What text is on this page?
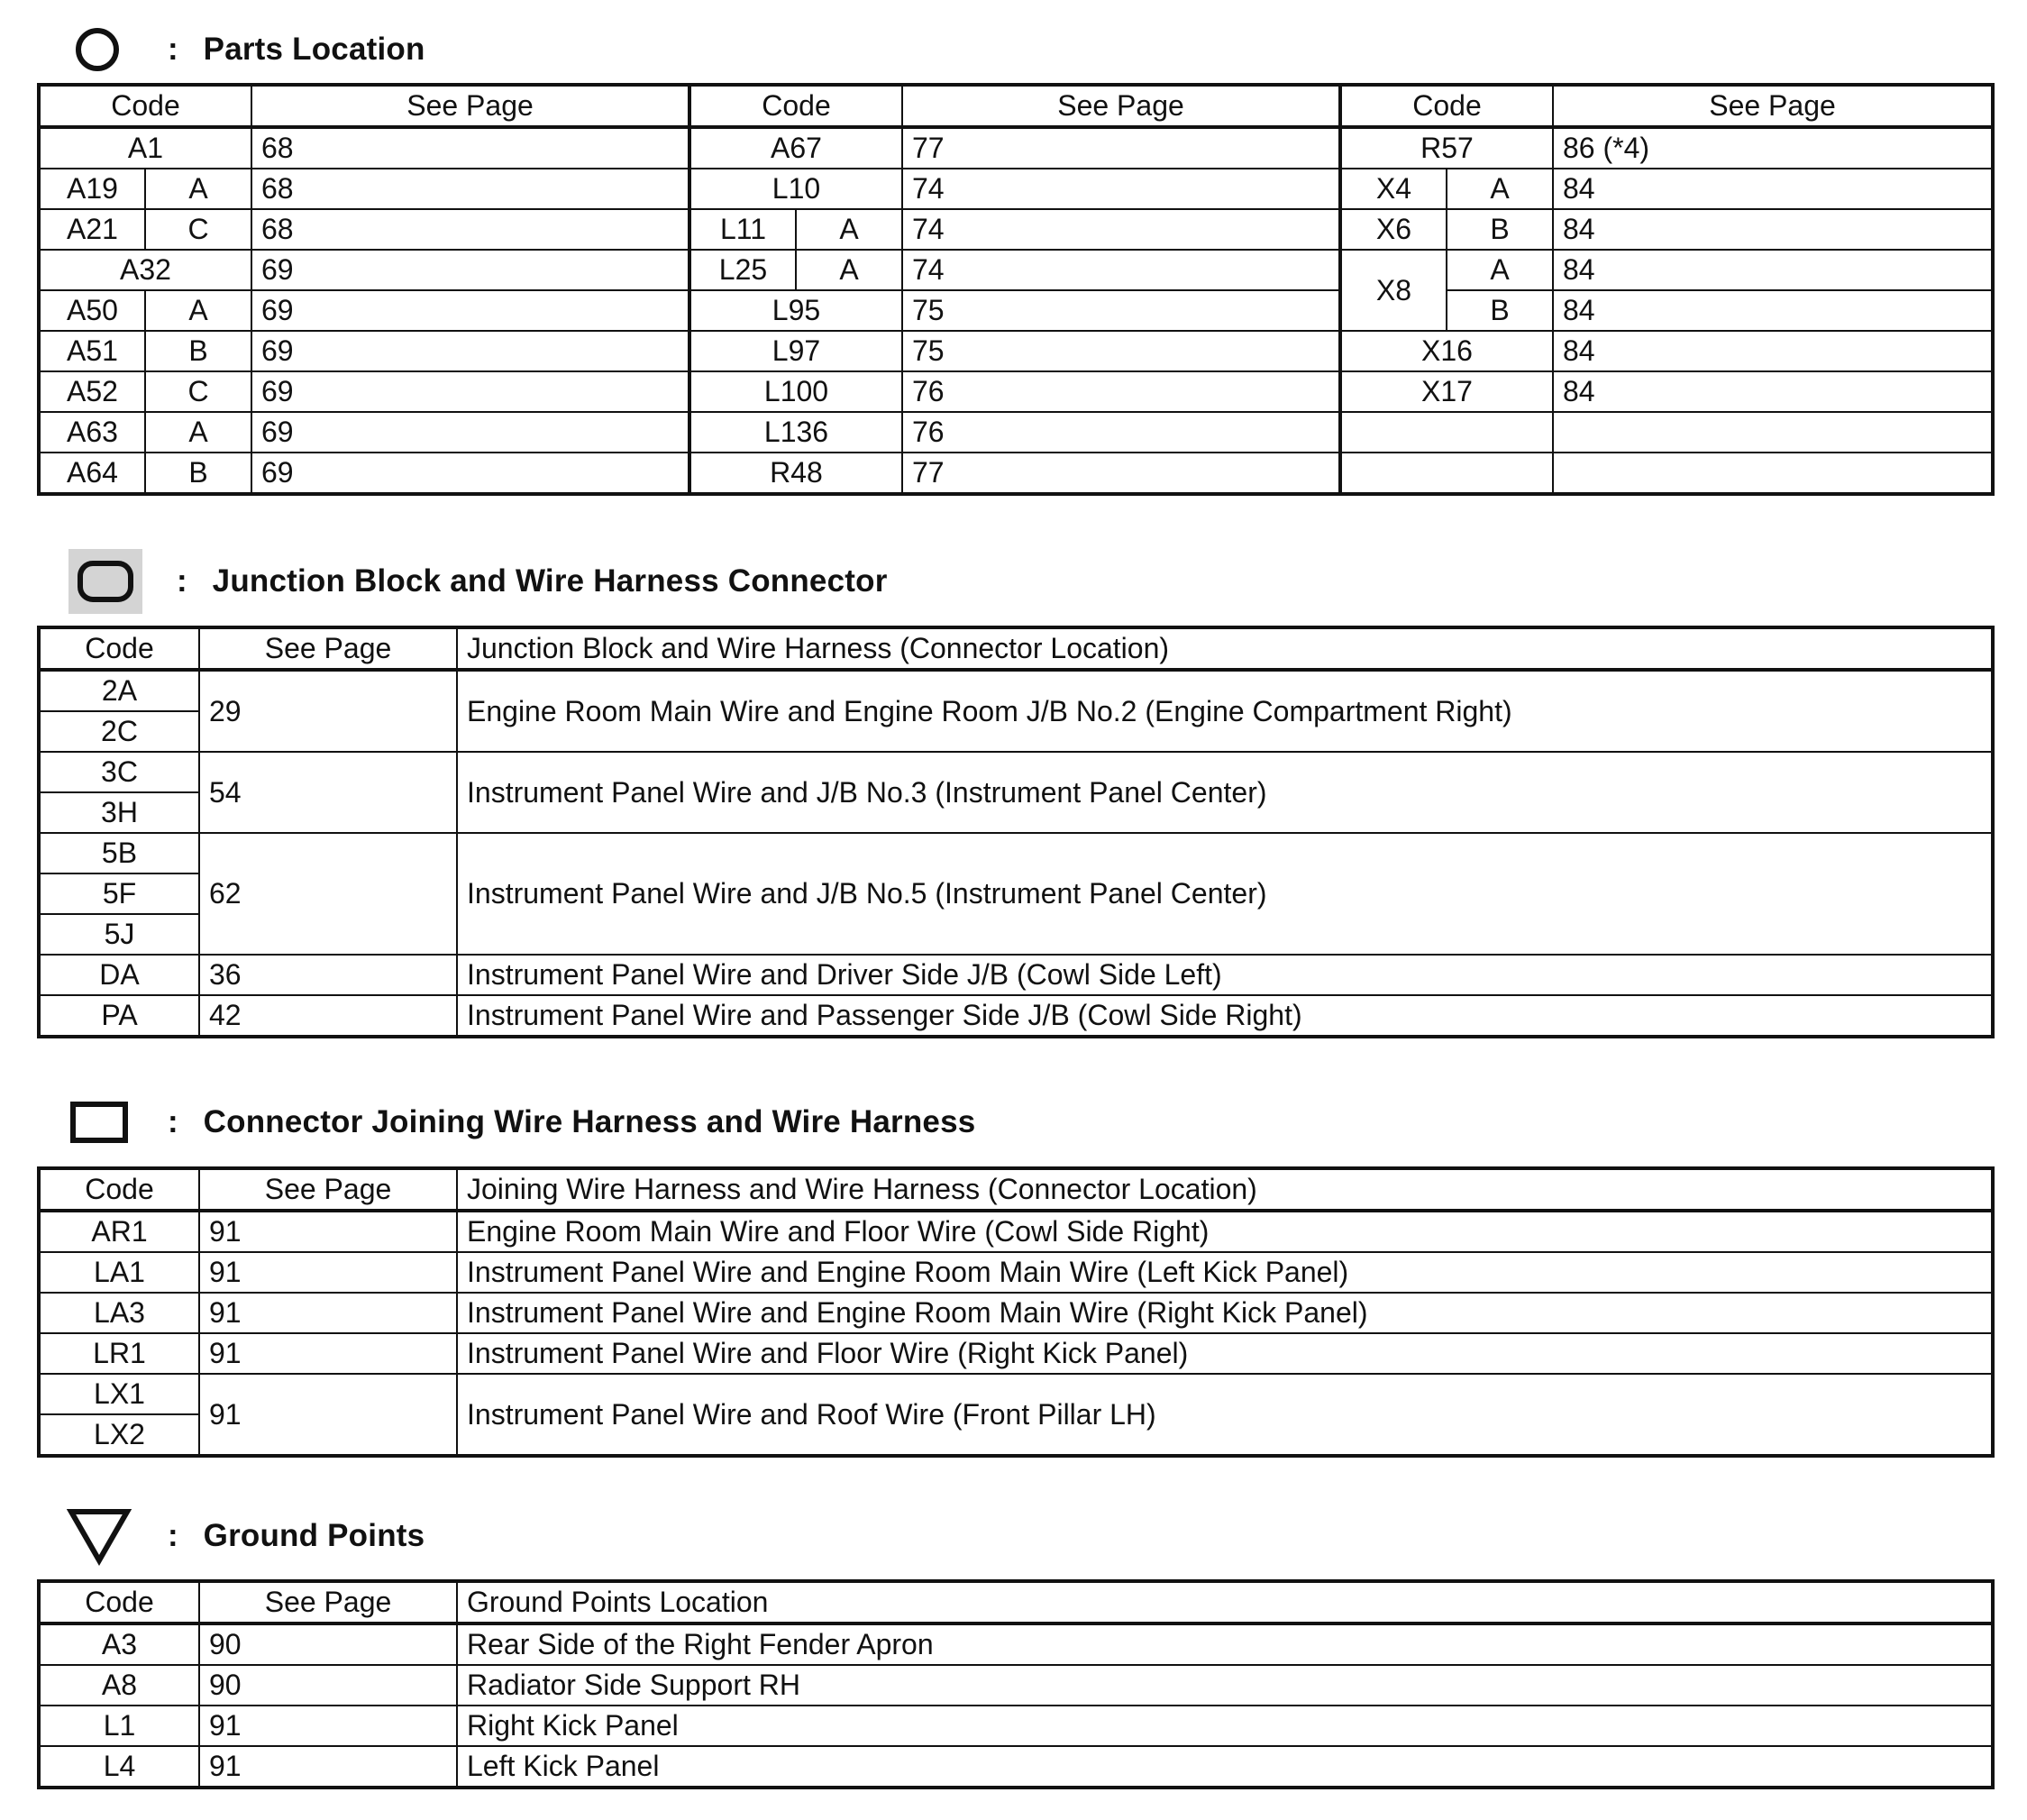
: Parts Location
Code		See Page	Code		See Page	Code		See Page
A1		68	A67		77	R57		86 (*4)
A19	A	68	L10		74	X4	A	84
A21	C	68	L11	A	74	X6	B	84
A32		69	L25	A	74	X8	A	84
A50	A	69	L95		75		B	84
A51	B	69	L97		75	X16		84
A52	C	69	L100		76	X17		84
A63	A	69	L136		76			
A64	B	69	R48		77			
: Junction Block and Wire Harness Connector
Code	See Page	Junction Block and Wire Harness (Connector Location)
2A	29	Engine Room Main Wire and Engine Room J/B No.2 (Engine Compartment Right)
2C		
3C	54	Instrument Panel Wire and J/B No.3 (Instrument Panel Center)
3H		
5B	62	Instrument Panel Wire and J/B No.5 (Instrument Panel Center)
5F		
5J		
DA	36	Instrument Panel Wire and Driver Side J/B (Cowl Side Left)
PA	42	Instrument Panel Wire and Passenger Side J/B (Cowl Side Right)
: Connector Joining Wire Harness and Wire Harness
Code	See Page	Joining Wire Harness and Wire Harness (Connector Location)
AR1	91	Engine Room Main Wire and Floor Wire (Cowl Side Right)
LA1	91	Instrument Panel Wire and Engine Room Main Wire (Left Kick Panel)
LA3	91	Instrument Panel Wire and Engine Room Main Wire (Right Kick Panel)
LR1	91	Instrument Panel Wire and Floor Wire (Right Kick Panel)
LX1	91	Instrument Panel Wire and Roof Wire (Front Pillar LH)
LX2		
: Ground Points
Code	See Page	Ground Points Location
A3	90	Rear Side of the Right Fender Apron
A8	90	Radiator Side Support RH
L1	91	Right Kick Panel
L4	91	Left Kick Panel
